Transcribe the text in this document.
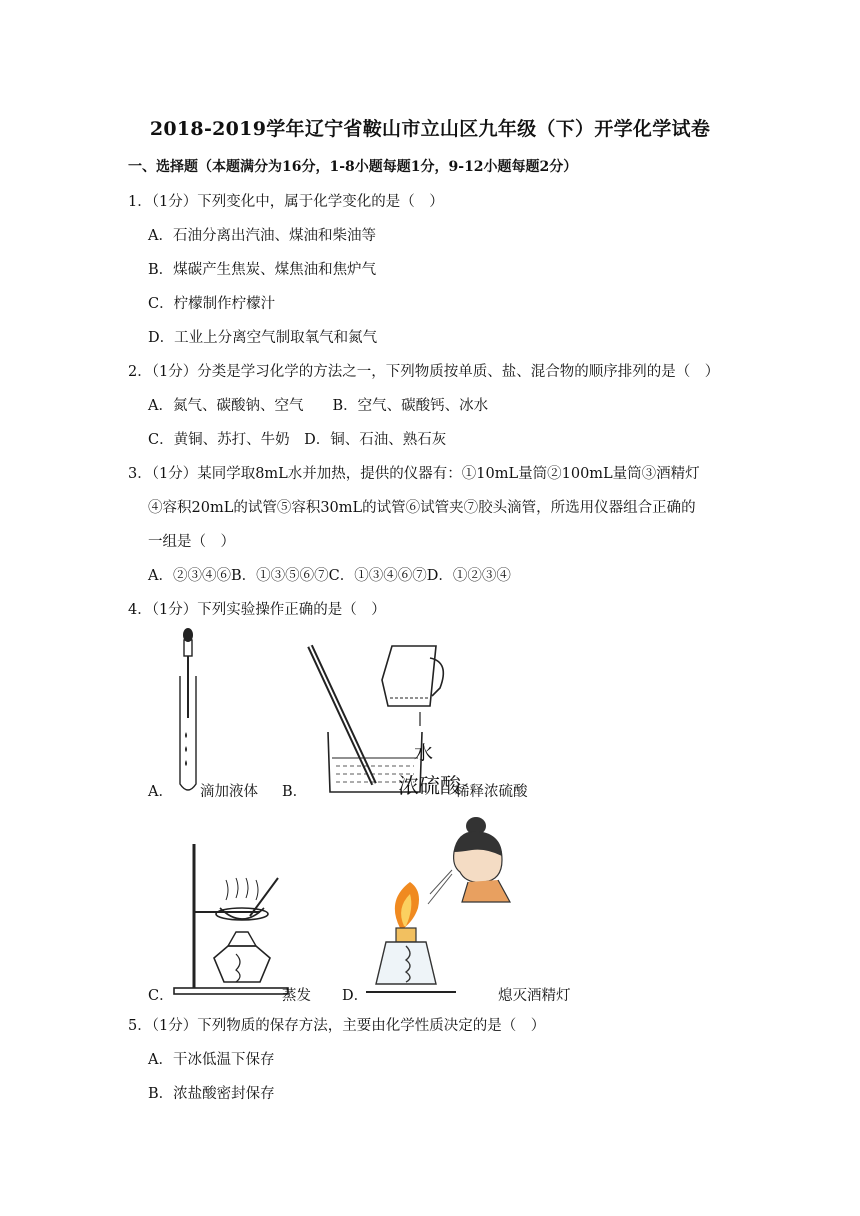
2018-2019学年辽宁省鞍山市立山区九年级（下）开学化学试卷
一、选择题（本题满分为16分，1-8小题每题1分，9-12小题每题2分）
1．（1分）下列变化中，属于化学变化的是（　）
A．石油分离出汽油、煤油和柴油等
B．煤碳产生焦炭、煤焦油和焦炉气
C．柠檬制作柠檬汁
D．工业上分离空气制取氧气和氮气
2．（1分）分类是学习化学的方法之一，下列物质按单质、盐、混合物的顺序排列的是（　）
A．氮气、碳酸钠、空气　　B．空气、碳酸钙、冰水
C．黄铜、苏打、牛奶　D．铜、石油、熟石灰
3．（1分）某同学取8mL水并加热，提供的仪器有：①10mL量筒②100mL量筒③酒精灯
④容积20mL的试管⑤容积30mL的试管⑥试管夹⑦胶头滴管，所选用仪器组合正确的
一组是（　）
A．②③④⑥B．①③⑤⑥⑦C．①③④⑥⑦D．①②③④
4．（1分）下列实验操作正确的是（　）
A． 滴加液体
水
浓硫酸
B．	稀释浓硫酸
C．	蒸发 D．	熄灭酒精灯
5．（1分）下列物质的保存方法，主要由化学性质决定的是（　）
A．干冰低温下保存
B．浓盐酸密封保存
